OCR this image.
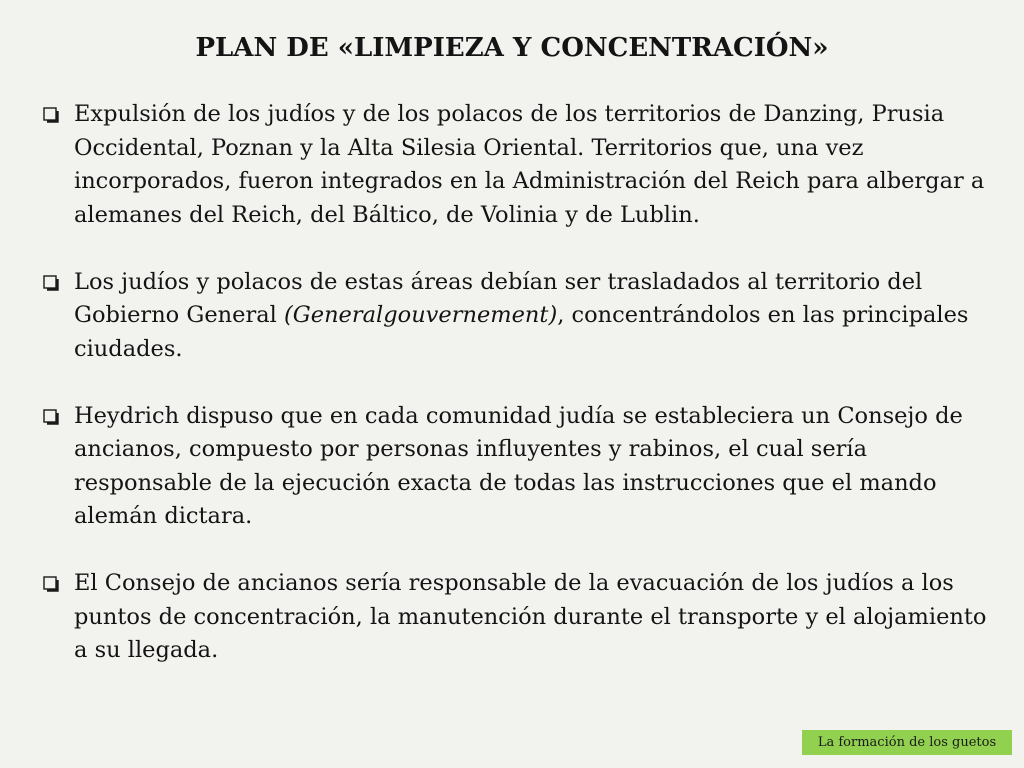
PLAN DE «LIMPIEZA Y CONCENTRACIÓN»
Expulsión de los judíos y de los polacos de los territorios de Danzing, Prusia Occidental, Poznan y la Alta Silesia Oriental. Territorios que, una vez incorporados, fueron integrados en la Administración del Reich para albergar a alemanes del Reich, del Báltico, de Volinia y de Lublin.
Los judíos y polacos de estas áreas debían ser trasladados al territorio del Gobierno General (Generalgouvernement), concentrándolos en las principales ciudades.
Heydrich dispuso que en cada comunidad judía se estableciera un Consejo de ancianos, compuesto por personas influyentes y rabinos, el cual sería responsable de la ejecución exacta de todas las instrucciones que el mando alemán dictara.
El Consejo de ancianos sería responsable de la evacuación de los judíos a los puntos de concentración, la manutención durante el transporte y el alojamiento a su llegada.
La formación de los guetos
